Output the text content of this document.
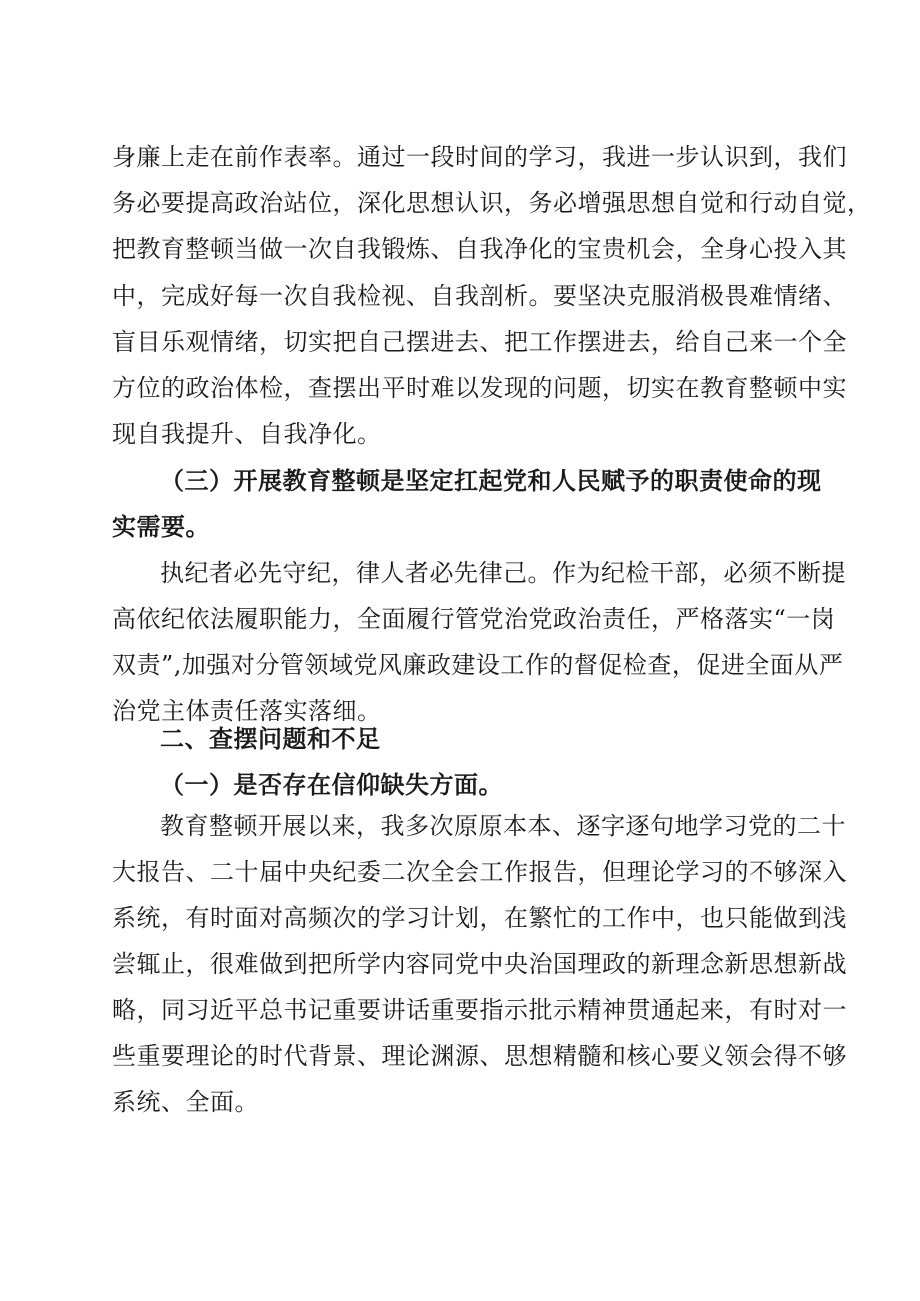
身廉上走在前作表率。通过一段时间的学习，我进一步认识到，我们
务必要提高政治站位，深化思想认识，务必增强思想自觉和行动自觉，
把教育整顿当做一次自我锻炼、自我净化的宝贵机会，全身心投入其
中，完成好每一次自我检视、自我剖析。要坚决克服消极畏难情绪、
盲目乐观情绪，切实把自己摆进去、把工作摆进去，给自己来一个全
方位的政治体检，查摆出平时难以发现的问题，切实在教育整顿中实
现自我提升、自我净化。
（三）开展教育整顿是坚定扛起党和人民赋予的职责使命的现
实需要。
执纪者必先守纪，律人者必先律己。作为纪检干部，必须不断提
高依纪依法履职能力，全面履行管党治党政治责任，严格落实“一岗
双责”,加强对分管领域党风廉政建设工作的督促检查，促进全面从严
治党主体责任落实落细。
二、查摆问题和不足
（一）是否存在信仰缺失方面。
教育整顿开展以来，我多次原原本本、逐字逐句地学习党的二十
大报告、二十届中央纪委二次全会工作报告，但理论学习的不够深入
系统，有时面对高频次的学习计划，在繁忙的工作中，也只能做到浅
尝辄止，很难做到把所学内容同党中央治国理政的新理念新思想新战
略，同习近平总书记重要讲话重要指示批示精神贯通起来，有时对一
些重要理论的时代背景、理论渊源、思想精髓和核心要义领会得不够
系统、全面。
